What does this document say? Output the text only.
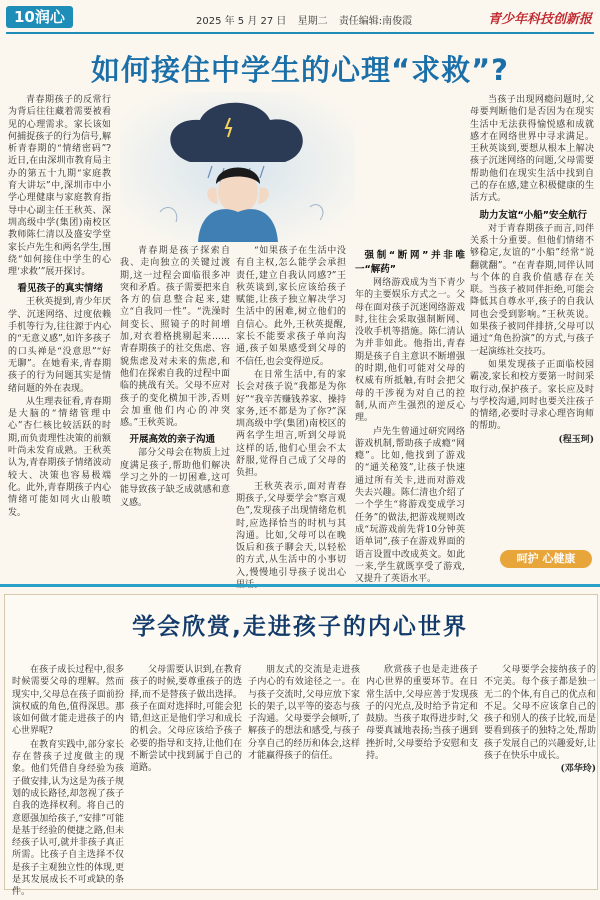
10润心	2025 年 5 月 27 日 星期二 责任编辑:南俊霞	青少年科技创新报
如何接住中学生的心理“求救”?

青春期孩子的反常行为背后往往藏着需要被看见的心理需求。家长该如何捕捉孩子的行为信号,解析青春期的“情绪密码”?近日,在由深圳市教育局主办的第五十九期“家庭教育大讲坛”中,深圳市中小学心理健康与家庭教育指导中心副主任王秋英、深圳高级中学(集团)南校区教师陈仁清以及盛安学堂家长卢先生和两名学生,围绕“如何接住中学生的心理‘求救’”展开探讨。

看见孩子的真实情绪

王秋英提到,青少年厌学、沉迷网络、过度依赖手机等行为,往往源于内心的“无意义感”,如许多孩子的口头禅是“没意思”“好无聊”。在她看来,青春期孩子的行为问题其实是情绪问题的外在表现。

从生理表征看,青春期是大脑的“情绪管理中心”杏仁核比较活跃的时期,而负责理性决策的前额叶尚未发育成熟。王秋英认为,青春期孩子情绪波动较大、决策也容易极端化。此外,青春期孩子内心情绪可能如同火山般喷发。

青春期是孩子探索自我、走向独立的关键过渡期,这一过程会面临很多冲突和矛盾。孩子需要把来自各方的信息整合起来,建立“自我同一性”。“洗澡时间变长、照镜子的时间增加,对衣着格挑剔起来……青春期孩子的社交焦虑、容貌焦虑及对未来的焦虑,和他们在探索自我的过程中面临的挑战有关。父母不应对孩子的变化横加干涉,否则会加重他们内心的冲突感。”王秋英说。

开展高效的亲子沟通

部分父母会在物质上过度满足孩子,帮助他们解决学习之外的一切困难,这可能导致孩子缺乏成就感和意义感。

“如果孩子在生活中没有自主权,怎么能学会承担责任,建立自我认同感?”王秋英谈到,家长应该给孩子赋能,让孩子独立解决学习生活中的困难,树立他们的自信心。此外,王秋英提醒,家长不能要求孩子单向沟通,孩子如果感受到父母的不信任,也会变得逆反。

在日常生活中,有的家长会对孩子说“我都是为你好”“我辛苦赚钱养家、操持家务,还不都是为了你?”深圳高级中学(集团)南校区的两名学生坦言,听到父母说这样的话,他们心里会不太舒服,觉得自己成了父母的负担。

王秋英表示,面对青春期孩子,父母要学会“察言观色”,发现孩子出现情绪危机时,应选择恰当的时机与其沟通。比如,父母可以在晚饭后和孩子聊会天,以轻松的方式,从生活中的小事切入,慢慢地引导孩子说出心

强制“断网”并非唯一“解药”

网络游戏成为当下青少年的主要娱乐方式之一。父母在面对孩子沉迷网络游戏时,往往会采取强制断网、没收手机等措施。陈仁清认为并非如此。他指出,青春期是孩子自主意识不断增强的时期,他们可能对父母的权威有所抵触,有时会把父母的干涉视为对自己的控制,从而产生强烈的逆反心理。

卢先生曾通过研究网络游戏机制,帮助孩子成瘾“网瘾”。比如,他找到了游戏的“通关秘笈”,让孩子快速通过所有关卡,进而对游戏失去兴趣。陈仁清也介绍了一个学生“将游戏变成学习任务”的做法,把游戏规则改成“玩游戏前先背10分钟英语单词”,孩子在游戏界面的语言设置中改成英文。如此一来,学生就既享受了游戏,又提升了英语水平。

当孩子出现网瘾问题时,父母要判断他们是否因为在现实生活中无法获得愉悦感和成就感才在网络世界中寻求满足。王秋英谈到,要想从根本上解决孩子沉迷网络的问题,父母需要帮助他们在现实生活中找到自己的存在感,建立积极健康的生活方式。

助力友谊“小船”安全航行

对于青春期孩子而言,同伴关系十分重要。但他们情绪不够稳定,友谊的“小船”经常“说翻就翻”。“在青春期,同伴认同与个体的自我价值感存在关联。当孩子被同伴拒绝,可能会降低其自尊水平,孩子的自我认同也会受到影响。”王秋英说。如果孩子被同伴排挤,父母可以通过“角色扮演”的方式,与孩子一起演练社交技巧。

如果发现孩子正面临校园霸凌,家长和校方要第一时间采取行动,保护孩子。家长应及时与学校沟通,同时也要关注孩子的情绪,必要时寻求心理咨询师的帮助。

(程玉珂)
呵护 心健康
学会欣赏,走进孩子的内心世界

在孩子成长过程中,很多时候需要父母的理解。然而现实中,父母总在孩子面前扮演权威的角色,值得深思。那该如何做才能走进孩子的内心世界呢?

在教育实践中,部分家长存在替孩子过度做主的现象。他们凭借自身经验为孩子做安排,认为这是为孩子规划的成长路径,却忽视了孩子自我的选择权利。将自己的意愿强加给孩子,“安排”可能是基于经验的便捷之路,但未经孩子认可,就并非孩子真正所需。比孩子自主选择不仅是孩子主观独立性的体现,更是其发展成长不可或缺的条件。

父母需要认识到,在教育孩子的时候,要尊重孩子的选择,而不是替孩子做出选择。孩子在面对选择时,可能会犯错,但这正是他们学习和成长的机会。父母应该给予孩子必要的指导和支持,让他们在不断尝试中找到属于自己的道路。

朋友式的交流是走进孩子内心的有效途径之一。在与孩子交流时,父母应放下家长的架子,以平等的姿态与孩子沟通。父母要学会倾听,了解孩子的想法和感受,与孩子分享自己的经历和体会,这样才能赢得孩子的信任。

欣赏孩子也是走进孩子内心世界的重要环节。在日常生活中,父母应善于发现孩子的闪光点,及时给予肯定和鼓励。当孩子取得进步时,父母要真诚地表扬;当孩子遇到挫折时,父母要给予安慰和支持。

父母要学会接纳孩子的不完美。每个孩子都是独一无二的个体,有自己的优点和不足。父母不应该拿自己的孩子和别人的孩子比较,而是要看到孩子的独特之处,帮助孩子发展自己的兴趣爱好,让孩子在快乐中成长。

(邓华玲)
